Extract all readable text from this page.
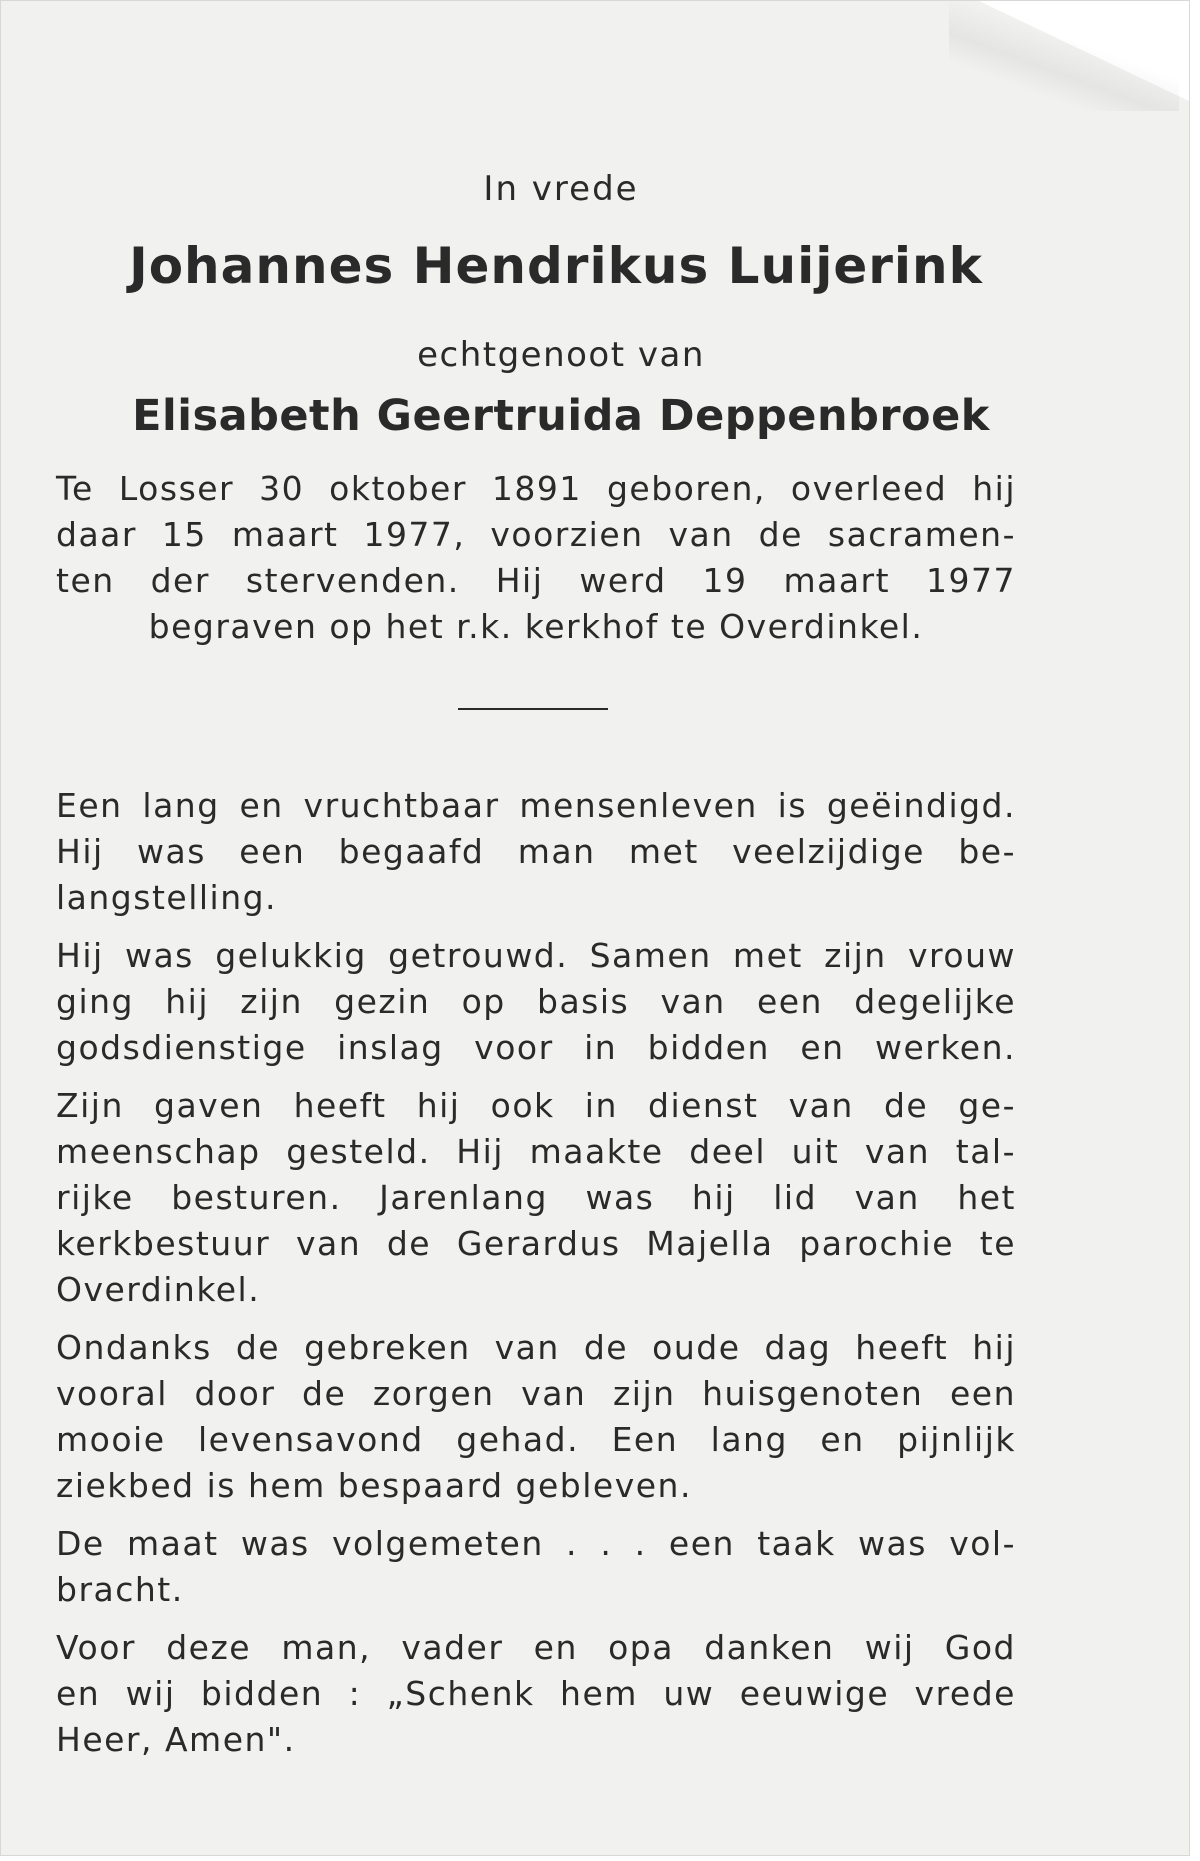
In vrede

Johannes Hendrikus Luijerink

echtgenoot van

Elisabeth Geertruida Deppenbroek

Te Losser 30 oktober 1891 geboren, overleed hij
daar 15 maart 1977, voorzien van de sacramen-
ten der stervenden. Hij werd 19 maart 1977
begraven op het r.k. kerkhof te Overdinkel.
Een lang en vruchtbaar mensenleven is geëindigd.
Hij was een begaafd man met veelzijdige be-
langstelling.
Hij was gelukkig getrouwd. Samen met zijn vrouw
ging hij zijn gezin op basis van een degelijke
godsdienstige inslag voor in bidden en werken.
Zijn gaven heeft hij ook in dienst van de ge-
meenschap gesteld. Hij maakte deel uit van tal-
rijke besturen. Jarenlang was hij lid van het
kerkbestuur van de Gerardus Majella parochie te
Overdinkel.
Ondanks de gebreken van de oude dag heeft hij
vooral door de zorgen van zijn huisgenoten een
mooie levensavond gehad. Een lang en pijnlijk
ziekbed is hem bespaard gebleven.
De maat was volgemeten . . . een taak was vol-
bracht.
Voor deze man, vader en opa danken wij God
en wij bidden : „Schenk hem uw eeuwige vrede
Heer, Amen".
